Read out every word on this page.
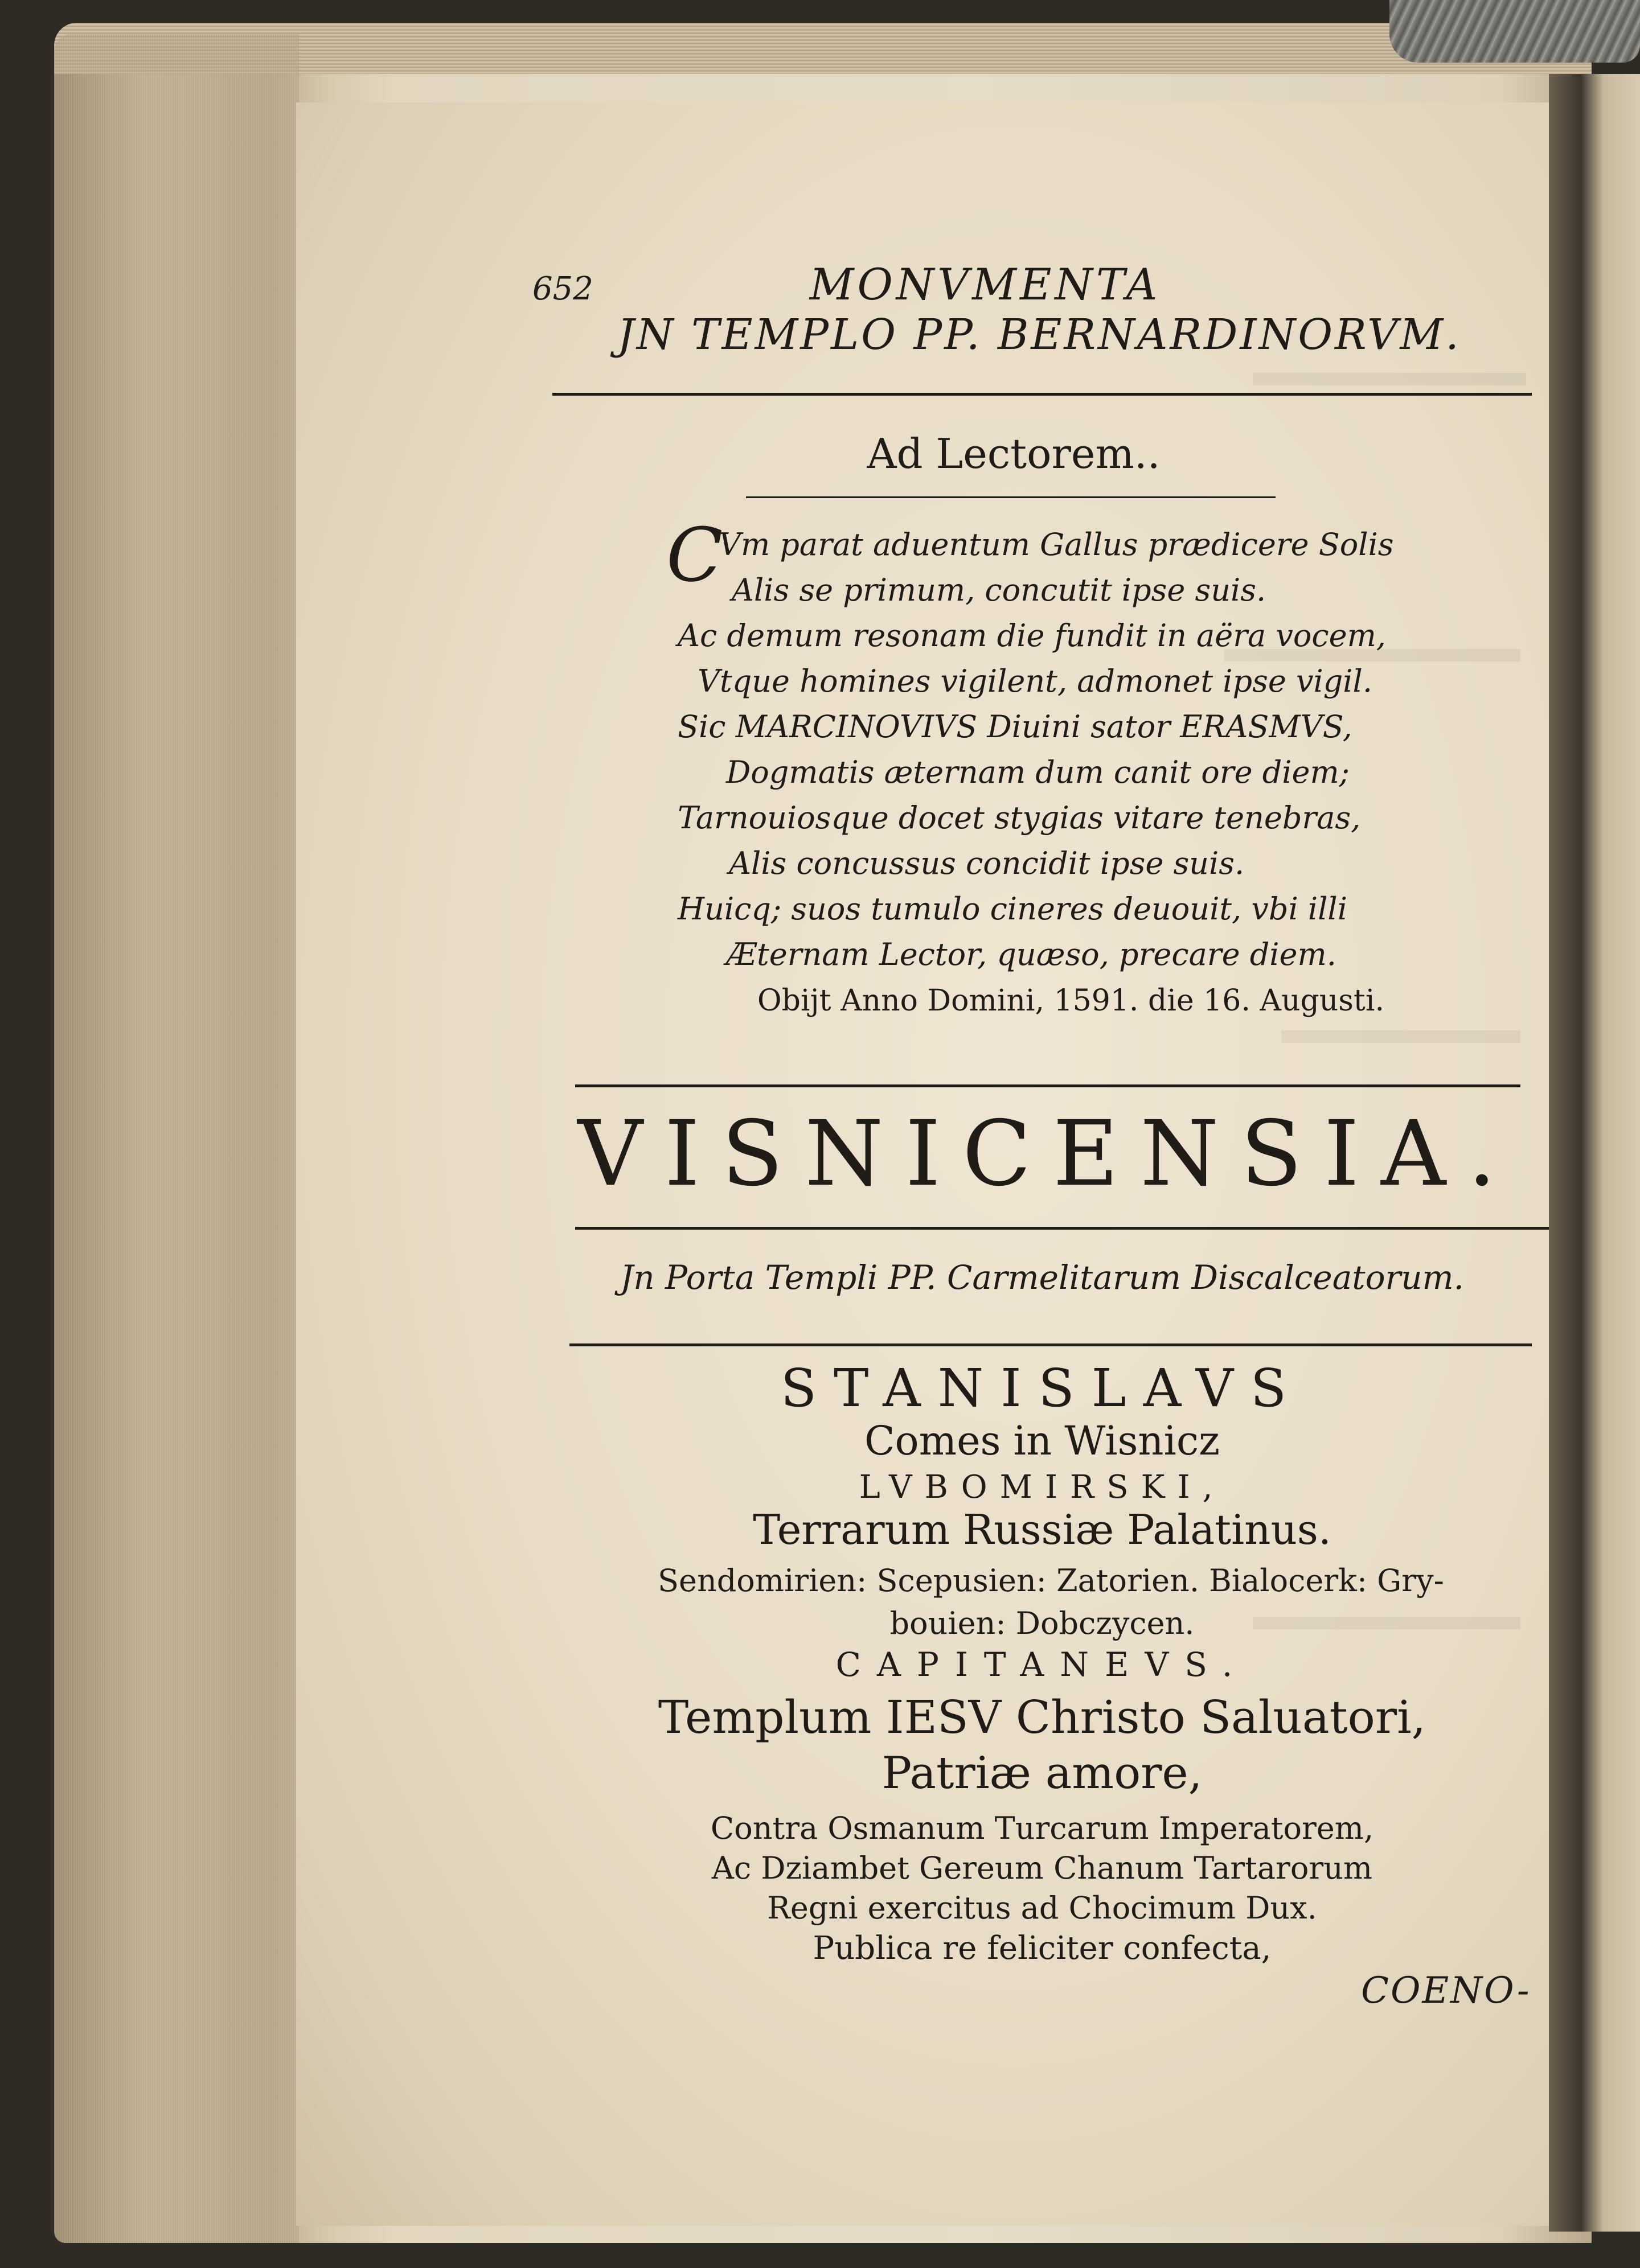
652	MONVMENTA
JN TEMPLO PP. BERNARDINORVM.
Ad Lectorem..
C
Vm parat aduentum Gallus prædicere Solis
Alis se primum, concutit ipse suis.
Ac demum resonam die fundit in aëra vocem,
Vtque homines vigilent, admonet ipse vigil.
Sic MARCINOVIVS Diuini sator ERASMVS,
Dogmatis æternam dum canit ore diem;
Tarnouiosque docet stygias vitare tenebras,
Alis concussus concidit ipse suis.
Huicq; suos tumulo cineres deuouit, vbi illi
Æternam Lector, quæso, precare diem.
Obijt Anno Domini, 1591. die 16. Augusti.
VISNICENSIA.
Jn Porta Templi PP. Carmelitarum Discalceatorum.
STANISLAVS
Comes in Wisnicz
LVBOMIRSKI,
Terrarum Russiæ Palatinus.
Sendomirien: Scepusien: Zatorien. Bialocerk: Gry-
bouien: Dobczycen.
CAPITANEVS.
Templum IESV Christo Saluatori,
Patriæ amore,
Contra Osmanum Turcarum Imperatorem,
Ac Dziambet Gereum Chanum Tartarorum
Regni exercitus ad Chocimum Dux.
Publica re feliciter confecta,
COENO-
